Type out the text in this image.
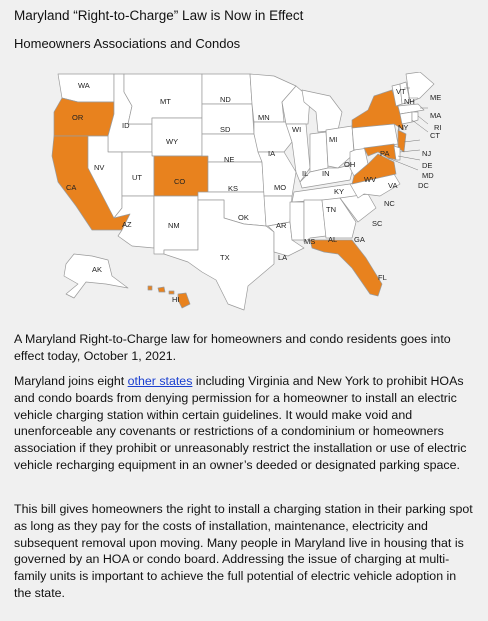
Maryland “Right-to-Charge” Law is Now in Effect
Homeowners Associations and Condos
WA
OR
CA
ID
NV
MT
WY
UT	CO
AZ	NM
ND
SD
NE
KS
OK
TX
MN
IA
MO
AR
LA
WI
IL
MI
IN
OH
KY
TN
MS AL GA
FL
SC
NC
VA
WV
PA
NY
VT
NH ME
MA
RI
CT
NJ
DE
MD
DC
AK
HI

A Maryland Right-to-Charge law for homeowners and condo residents goes into effect today, October 1, 2021.

Maryland joins eight other states including Virginia and New York to prohibit HOAs and condo boards from denying permission for a homeowner to install an electric vehicle charging station within certain guidelines. It would make void and unenforceable any covenants or restrictions of a condominium or homeowners association if they prohibit or unreasonably restrict the installation or use of electric vehicle recharging equipment in an owner’s deeded or designated parking space.

This bill gives homeowners the right to install a charging station in their parking spot as long as they pay for the costs of installation, maintenance, electricity and subsequent removal upon moving. Many people in Maryland live in housing that is governed by an HOA or condo board. Addressing the issue of charging at multi-family units is important to achieve the full potential of electric vehicle adoption in the state.
